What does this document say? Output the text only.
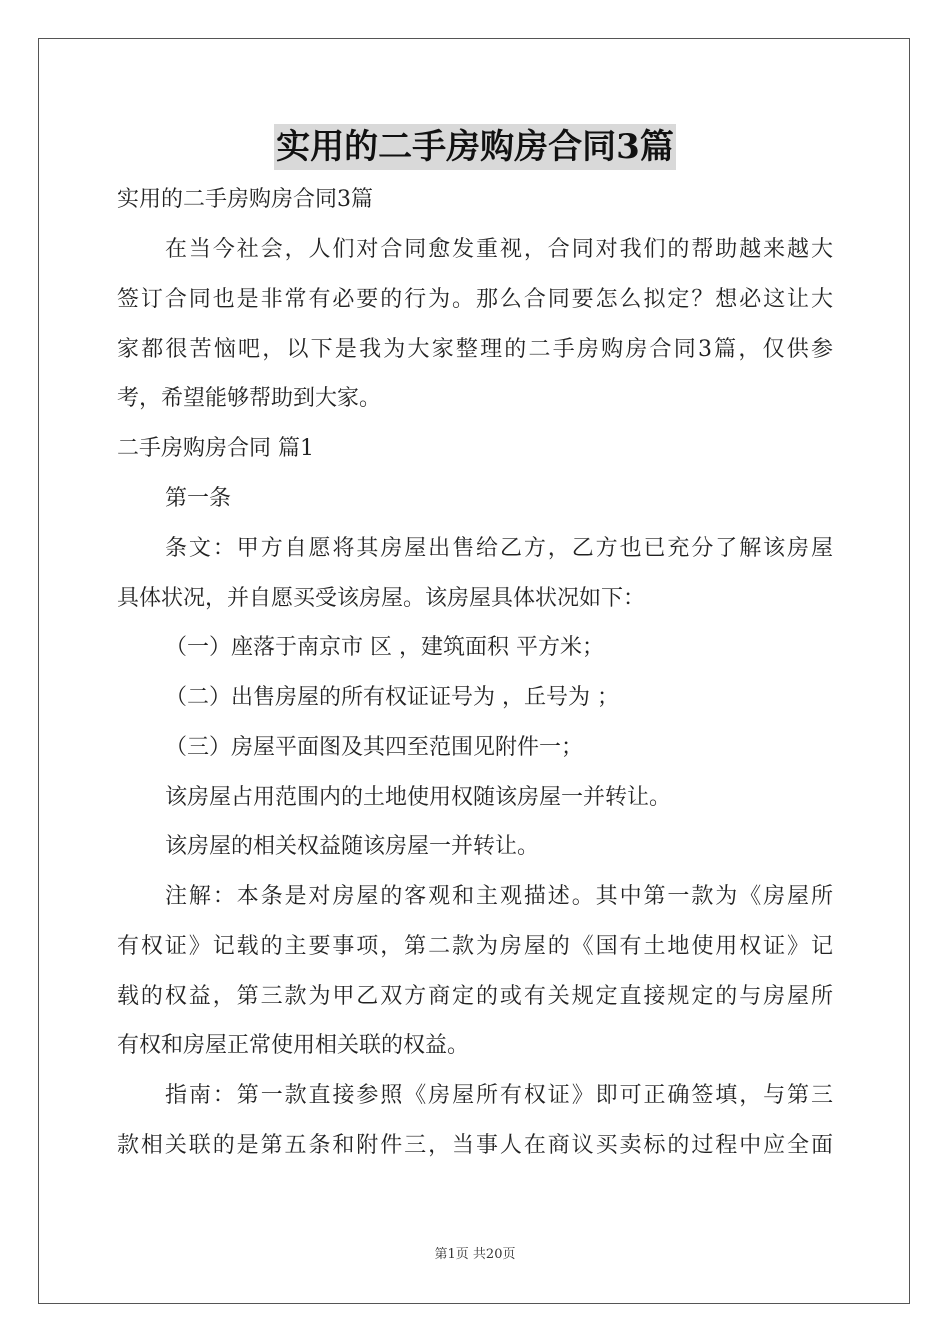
实用的二手房购房合同3篇

实用的二手房购房合同3篇

在当今社会，人们对合同愈发重视，合同对我们的帮助越来越大

签订合同也是非常有必要的行为。那么合同要怎么拟定？想必这让大

家都很苦恼吧，以下是我为大家整理的二手房购房合同3篇，仅供参

考，希望能够帮助到大家。

二手房购房合同 篇1

第一条

条文：甲方自愿将其房屋出售给乙方，乙方也已充分了解该房屋

具体状况，并自愿买受该房屋。该房屋具体状况如下：

（一）座落于南京市 区 ，建筑面积 平方米；

（二）出售房屋的所有权证证号为 ，丘号为 ；

（三）房屋平面图及其四至范围见附件一；

该房屋占用范围内的土地使用权随该房屋一并转让。

该房屋的相关权益随该房屋一并转让。

注解：本条是对房屋的客观和主观描述。其中第一款为《房屋所

有权证》记载的主要事项，第二款为房屋的《国有土地使用权证》记

载的权益，第三款为甲乙双方商定的或有关规定直接规定的与房屋所

有权和房屋正常使用相关联的权益。

指南：第一款直接参照《房屋所有权证》即可正确签填，与第三

款相关联的是第五条和附件三，当事人在商议买卖标的过程中应全面

第1页 共20页
